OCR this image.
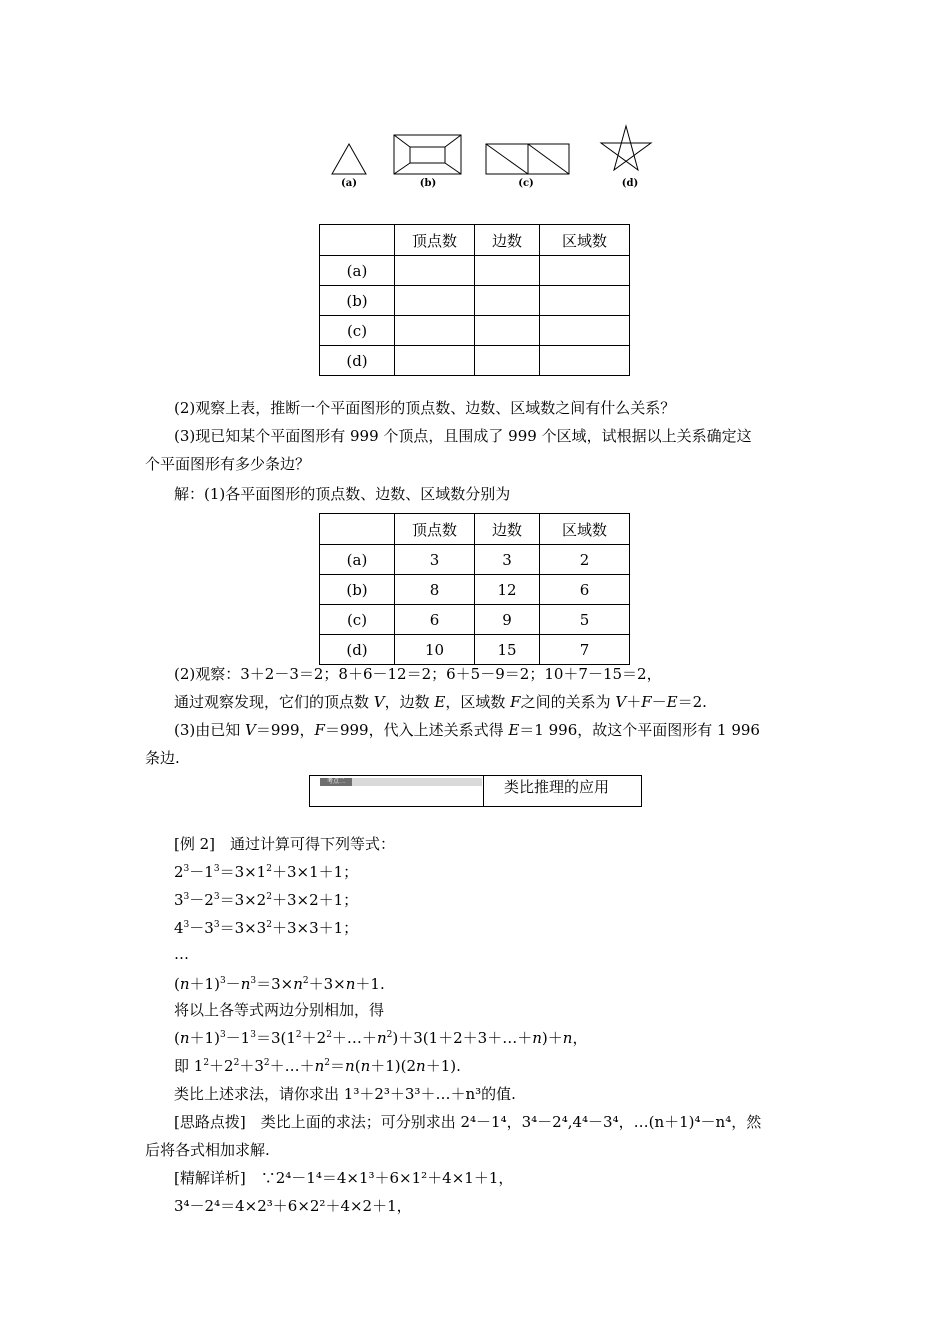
(a)	(b)	(c)	(d)
	顶点数	边数	区域数
(a)			
(b)			
(c)			
(d)			
(2)观察上表，推断一个平面图形的顶点数、边数、区域数之间有什么关系？
(3)现已知某个平面图形有 999 个顶点，且围成了 999 个区域，试根据以上关系确定这
个平面图形有多少条边？
解：(1)各平面图形的顶点数、边数、区域数分别为
	顶点数	边数	区域数
(a)	3	3	2
(b)	8	12	6
(c)	6	9	5
(d)	10	15	7
(2)观察：3＋2－3＝2；8＋6－12＝2；6＋5－9＝2；10＋7－15＝2，
通过观察发现，它们的顶点数 V，边数 E，区域数 F之间的关系为 V＋F－E＝2.
(3)由已知 V＝999，F＝999，代入上述关系式得 E＝1 996，故这个平面图形有 1 996
条边.
考点二	类比推理的应用
[例 2]　通过计算可得下列等式：
$2^3-1^3=3\times 1^2+3\times 1+1$；
$3^3-2^3=3\times 2^2+3\times 2+1$；
$4^3-3^3=3\times 3^2+3\times 3+1$；
…
$(n+1)^3-n^3=3\times n^2+3\times n+1$.
将以上各等式两边分别相加，得
$(n+1)^3-1^3=3(1^2+2^2+\dots+n^2)+3(1+2+3+\dots+n)+n$，
即 $1^2+2^2+3^2+\dots+n^2=n(n+1)(2n+1)$.
类比上述求法，请你求出 1³＋2³＋3³＋…＋n³的值.
[思路点拨]　 类比上面的求法；可分别求出 2⁴－1⁴，3⁴－2⁴,4⁴－3⁴，…(n＋1)⁴－n⁴，然
后将各式相加求解.
[精解详析]　 ∵2⁴－1⁴＝4×1³＋6×1²＋4×1＋1，
3⁴－2⁴＝4×2³＋6×2²＋4×2＋1，
